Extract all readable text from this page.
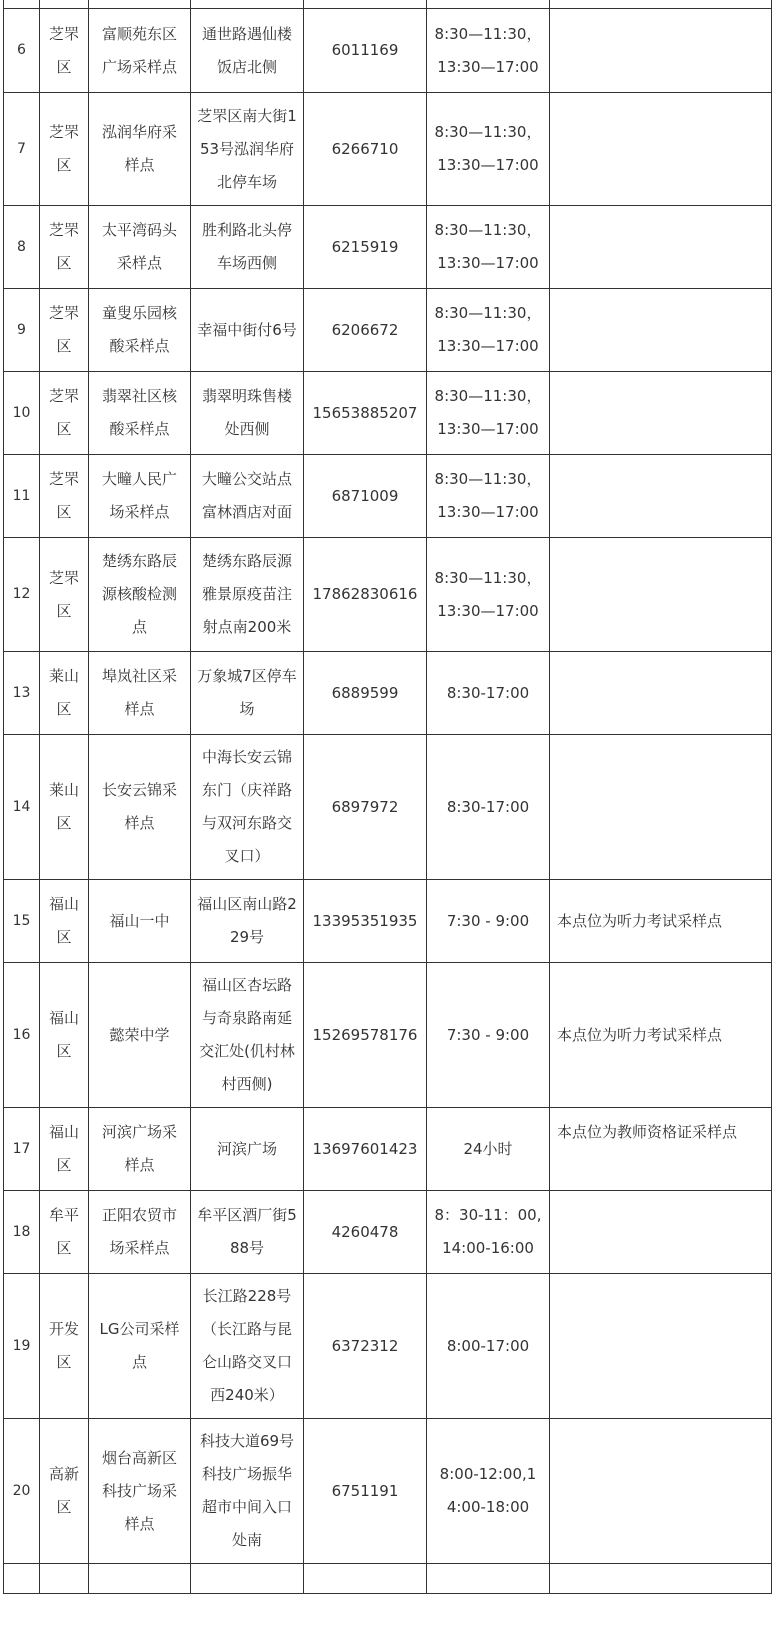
6	芝罘区	富顺苑东区广场采样点	通世路遇仙楼饭店北侧	6011169	8:30—11:30，13:30—17:00	
7	芝罘区	泓润华府采样点	芝罘区南大街153号泓润华府北停车场	6266710	8:30—11:30，13:30—17:00	
8	芝罘区	太平湾码头采样点	胜利路北头停车场西侧	6215919	8:30—11:30，13:30—17:00	
9	芝罘区	童叟乐园核酸采样点	幸福中街付6号	6206672	8:30—11:30，13:30—17:00	
10	芝罘区	翡翠社区核酸采样点	翡翠明珠售楼处西侧	15653885207	8:30—11:30，13:30—17:00	
11	芝罘区	大疃人民广场采样点	大疃公交站点富林酒店对面	6871009	8:30—11:30，13:30—17:00	
12	芝罘区	楚绣东路辰源核酸检测点	楚绣东路辰源雅景原疫苗注射点南200米	17862830616	8:30—11:30，13:30—17:00	
13	莱山区	埠岚社区采样点	万象城7区停车场	6889599	8:30-17:00	
14	莱山区	长安云锦采样点	中海长安云锦东门（庆祥路与双河东路交叉口）	6897972	8:30-17:00	
15	福山区	福山一中	福山区南山路229号	13395351935	7:30 - 9:00	本点位为听力考试采样点
16	福山区	懿荣中学	福山区杏坛路与奇泉路南延交汇处(仉村林村西侧)	15269578176	7:30 - 9:00	本点位为听力考试采样点
17	福山区	河滨广场采样点	河滨广场	13697601423	24小时	本点位为教师资格证采样点
18	牟平区	正阳农贸市场采样点	牟平区酒厂街588号	4260478	8：30-11：00,14:00-16:00	
19	开发区	LG公司采样点	长江路228号（长江路与昆仑山路交叉口西240米）	6372312	8:00-17:00	
20	高新区	烟台高新区科技广场采样点	科技大道69号科技广场振华超市中间入口处南	6751191	8:00-12:00,14:00-18:00	
